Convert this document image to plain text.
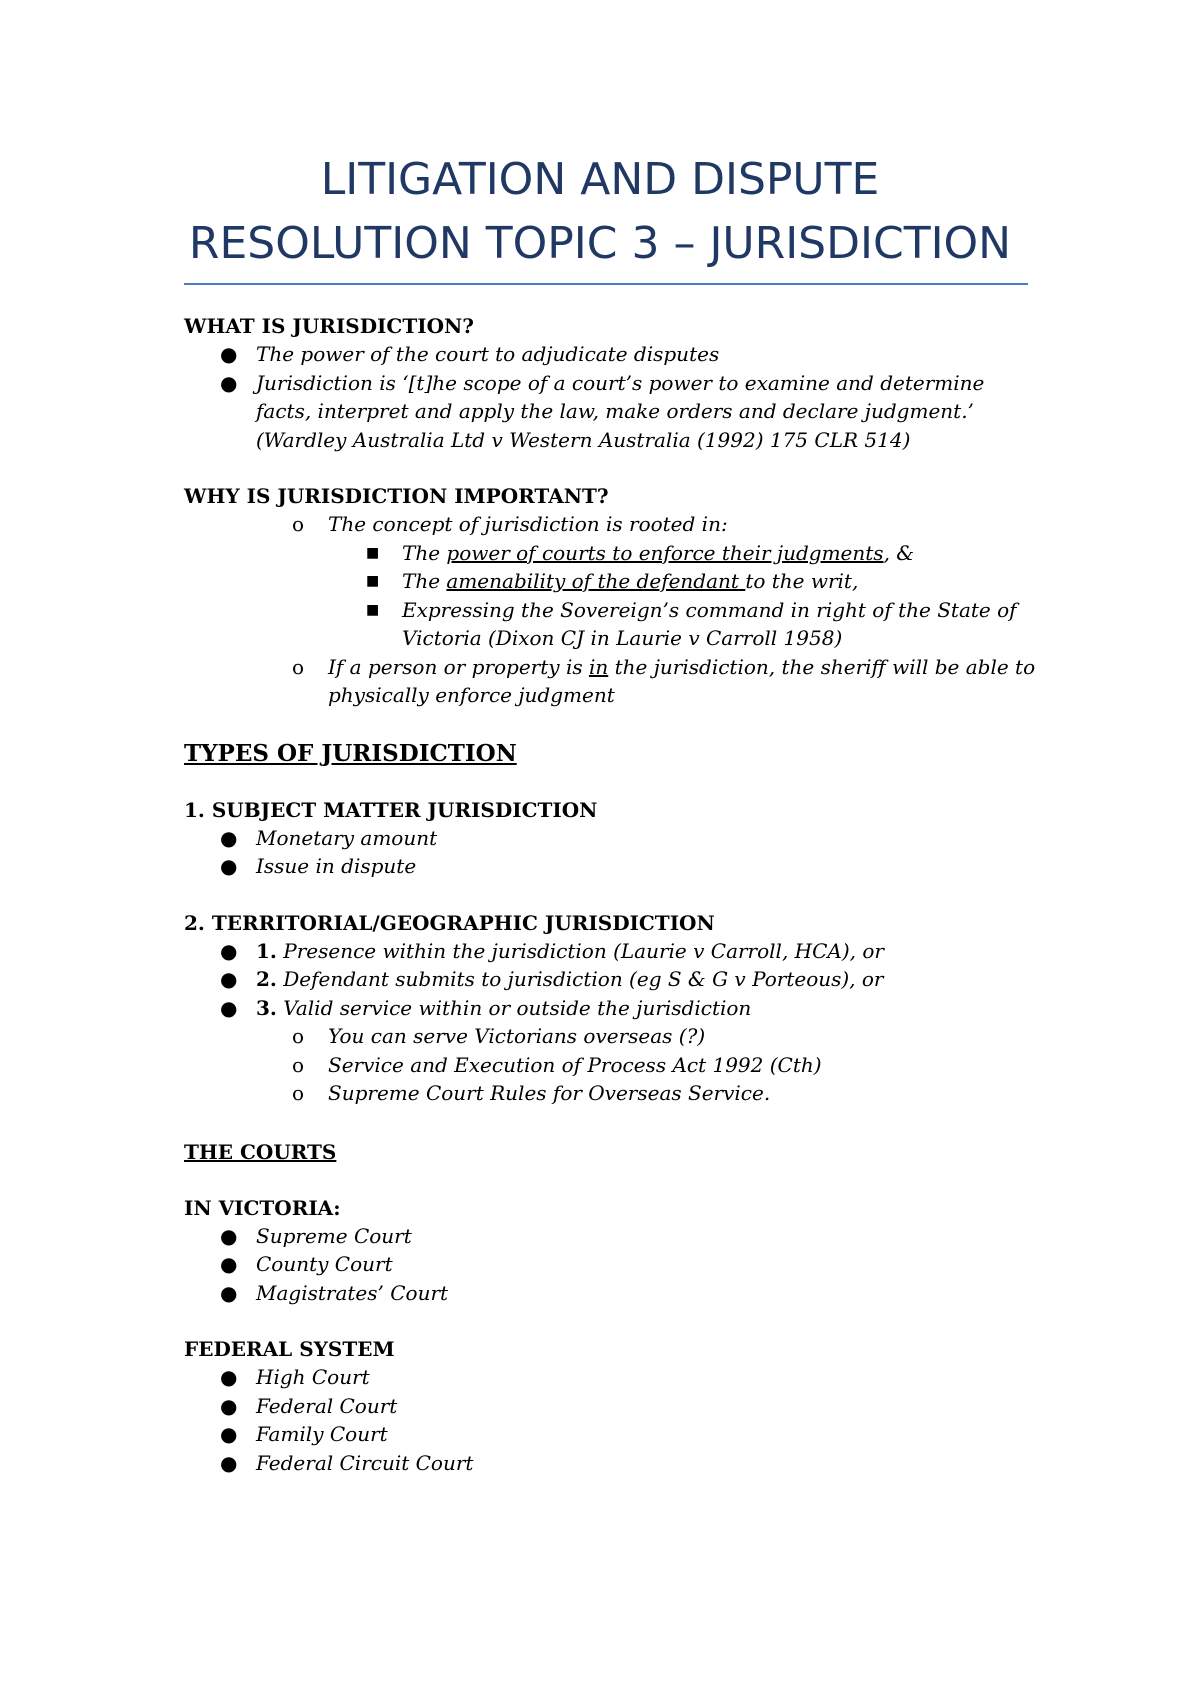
LITIGATION AND DISPUTE
RESOLUTION TOPIC 3 – JURISDICTION

WHAT IS JURISDICTION?

● The power of the court to adjudicate disputes
● Jurisdiction is ‘[t]he scope of a court’s power to examine and determine
facts, interpret and apply the law, make orders and declare judgment.’
(Wardley Australia Ltd v Western Australia (1992) 175 CLR 514)

WHY IS JURISDICTION IMPORTANT?

o The concept of jurisdiction is rooted in:
■ The power of courts to enforce their judgments, &
■ The amenability of the defendant to the writ,
■ Expressing the Sovereign’s command in right of the State of
Victoria (Dixon CJ in Laurie v Carroll 1958)
o If a person or property is in the jurisdiction, the sheriff will be able to
physically enforce judgment

TYPES OF JURISDICTION

1. SUBJECT MATTER JURISDICTION

● Monetary amount
● Issue in dispute

2. TERRITORIAL/GEOGRAPHIC JURISDICTION

● 1. Presence within the jurisdiction (Laurie v Carroll, HCA), or
● 2. Defendant submits to jurisdiction (eg S & G v Porteous), or
● 3. Valid service within or outside the jurisdiction
o You can serve Victorians overseas (?)
o Service and Execution of Process Act 1992 (Cth)
o Supreme Court Rules for Overseas Service.

THE COURTS

IN VICTORIA:

● Supreme Court
● County Court
● Magistrates’ Court

FEDERAL SYSTEM

● High Court
● Federal Court
● Family Court
● Federal Circuit Court
